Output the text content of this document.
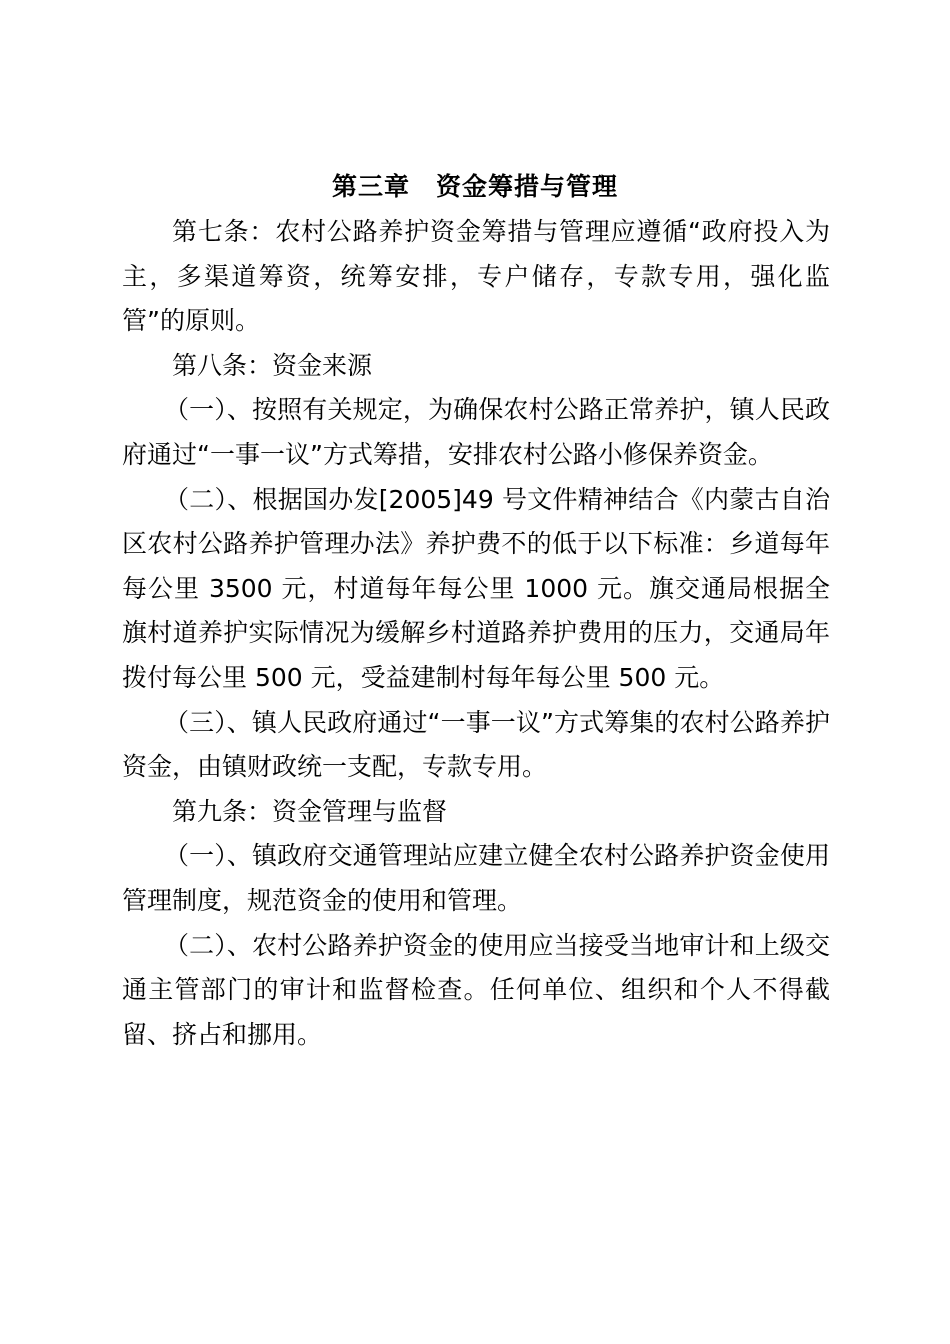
第三章　资金筹措与管理

第七条：农村公路养护资金筹措与管理应遵循“政府投入为主，多渠道筹资，统筹安排，专户储存，专款专用，强化监管”的原则。

第八条：资金来源

（一）、按照有关规定，为确保农村公路正常养护，镇人民政府通过“一事一议”方式筹措，安排农村公路小修保养资金。

（二）、根据国办发[2005]49 号文件精神结合《内蒙古自治区农村公路养护管理办法》养护费不的低于以下标准：乡道每年每公里 3500 元，村道每年每公里 1000 元。旗交通局根据全旗村道养护实际情况为缓解乡村道路养护费用的压力，交通局年拨付每公里 500 元，受益建制村每年每公里 500 元。

（三）、镇人民政府通过“一事一议”方式筹集的农村公路养护资金，由镇财政统一支配，专款专用。

第九条：资金管理与监督

（一）、镇政府交通管理站应建立健全农村公路养护资金使用管理制度，规范资金的使用和管理。

（二）、农村公路养护资金的使用应当接受当地审计和上级交通主管部门的审计和监督检查。任何单位、组织和个人不得截留、挤占和挪用。
